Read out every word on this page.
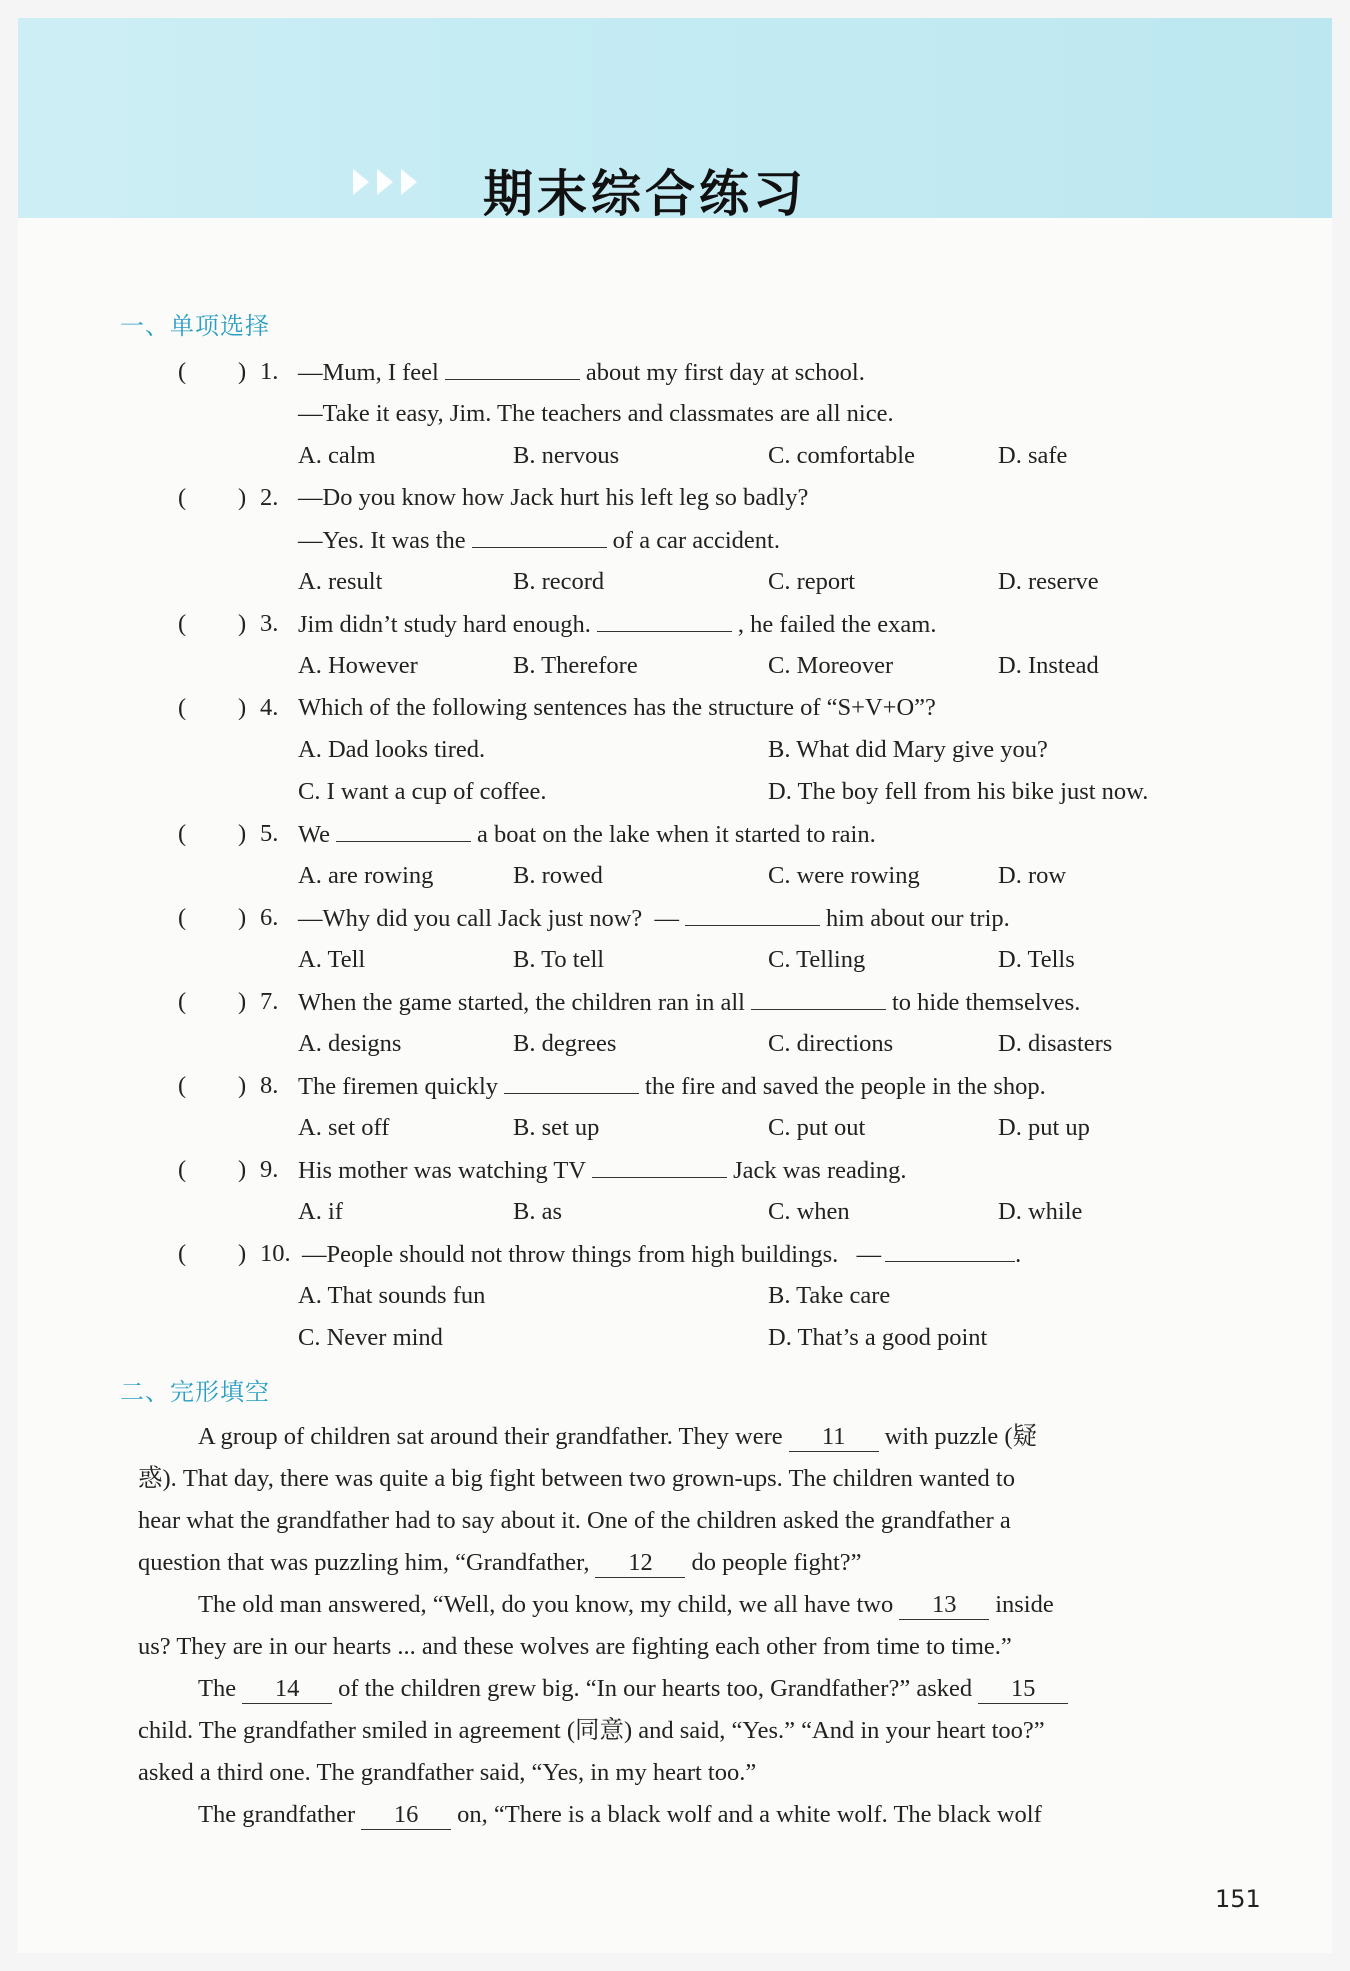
期末综合练习
一、单项选择
( ) 1. —Mum, I feel	about my first day at school.
—Take it easy, Jim. The teachers and classmates are all nice.
A. calm	B. nervous	C. comfortable	D. safe
( ) 2. —Do you know how Jack hurt his left leg so badly?
—Yes. It was the	of a car accident.
A. result	B. record	C. report	D. reserve
( ) 3. Jim didn’t study hard enough.	, he failed the exam.
A. However	B. Therefore	C. Moreover	D. Instead
( ) 4. Which of the following sentences has the structure of “S+V+O”?
A. Dad looks tired.	B. What did Mary give you?
C. I want a cup of coffee.	D. The boy fell from his bike just now.
( ) 5. We	a boat on the lake when it started to rain.
A. are rowing	B. rowed	C. were rowing	D. row
( ) 6. —Why did you call Jack just now? —	him about our trip.
A. Tell	B. To tell	C. Telling	D. Tells
( ) 7. When the game started, the children ran in all	to hide themselves.
A. designs	B. degrees	C. directions	D. disasters
( ) 8. The firemen quickly	the fire and saved the people in the shop.
A. set off	B. set up	C. put out	D. put up
( ) 9. His mother was watching TV	Jack was reading.
A. if	B. as	C. when	D. while
( ) 10. —People should not throw things from high buildings. —	.
A. That sounds fun	B. Take care
C. Never mind	D. That’s a good point
二、完形填空
A group of children sat around their grandfather. They were 11 with puzzle (疑
惑). That day, there was quite a big fight between two grown-ups. The children wanted to
hear what the grandfather had to say about it. One of the children asked the grandfather a
question that was puzzling him, “Grandfather, 12 do people fight?”
The old man answered, “Well, do you know, my child, we all have two 13 inside
us? They are in our hearts ... and these wolves are fighting each other from time to time.”
The 14 of the children grew big. “In our hearts too, Grandfather?” asked 15
child. The grandfather smiled in agreement (同意) and said, “Yes.” “And in your heart too?”
asked a third one. The grandfather said, “Yes, in my heart too.”
The grandfather 16 on, “There is a black wolf and a white wolf. The black wolf
151
